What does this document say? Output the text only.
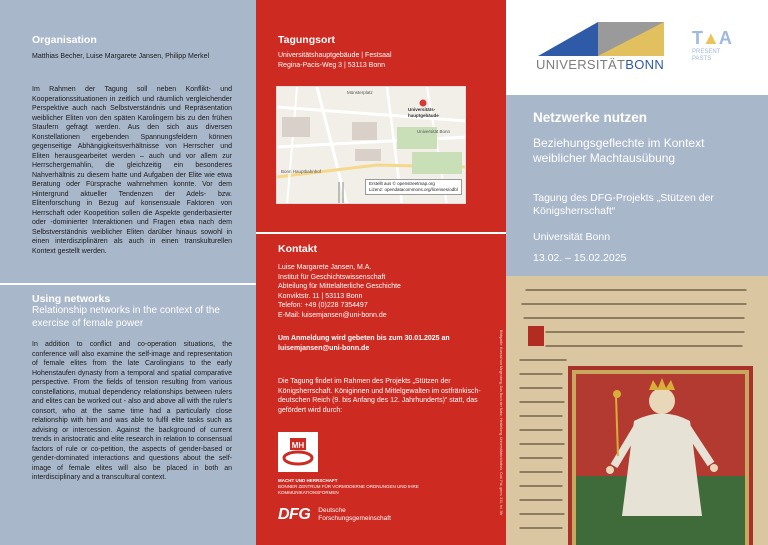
Organisation
Matthias Becher, Luise Margarete Jansen, Philipp Merkel
Im Rahmen der Tagung soll neben Konflikt- und Kooperationssituationen in zeitlich und räumlich vergleichender Perspektive auch nach Selbstverständnis und Repräsentation weiblicher Eliten von den späten Karolingern bis zu den frühen Staufern gefragt werden. Aus den sich aus diversen Konstellationen ergebenden Spannungsfeldern können gegenseitige Abhängigkeitsverhältnisse von Herrscher und Eliten herausgearbeitet werden – auch und vor allem zur Herrschergemahlin, die gleichzeitig ein besonderes Nahverhältnis zu diesem hatte und Aufgaben der Elite wie etwa Beratung oder Fürsprache wahrnehmen konnte. Vor dem Hintergrund aktueller Tendenzen der Adels- bzw. Elitenforschung in Bezug auf konsensuale Faktoren von Herrschaft oder Koopetition sollen die Aspekte genderbasierter oder -dominierter Interaktionen und Fragen etwa nach dem Selbstverständnis weiblicher Eliten darüber hinaus sowohl in einen interdisziplinären als auch in einen transkulturellen Kontext gestellt werden.
Using networks
Relationship networks in the context of the exercise of female power
In addition to conflict and co-operation situations, the conference will also examine the self-image and representation of female elites from the late Carolingians to the early Hohenstaufen dynasty from a temporal and spatial comparative perspective. From the fields of tension resulting from various constellations, mutual dependency relationships between rulers and elites can be worked out - also and above all with the ruler's consort, who at the same time had a particularly close relationship with him and was able to fulfil elite tasks such as advising or intercession. Against the background of current trends in aristocratic and elite research in relation to consensual factors of rule or co-petition, the aspects of gender-based or gender-dominated interactions and questions about the self-image of female elites will also be placed in both an interdisciplinary and a transcultural context.
Tagungsort
Universitätshauptgebäude | Festsaal
Regina-Pacis-Weg 3 | 53113 Bonn
Münsterplatz
Bonn Hauptbahnhof
Universität Bonn
Universitäts-hauptgebäude
Erstellt aus © openstreetmap.org
Lizenz: opendatacommons.org/licenses/odbl
Kontakt
Luise Margarete Jansen, M.A.
Institut für Geschichtswissenschaft
Abteilung für Mittelalterliche Geschichte
Konviktstr. 11 | 53113 Bonn
Telefon: +49 (0)228 7354497
E-Mail: luisemjansen@uni-bonn.de
Um Anmeldung wird gebeten bis zum 30.01.2025 an luisemjansen@uni-bonn.de
Die Tagung findet im Rahmen des Projekts „Stützen der Königsherrschaft. Königinnen und Mittelgewalten im ostfränkisch-deutschen Reich (9. bis Anfang des 12. Jahrhunderts)“ statt, das gefördert wird durch:
MH
MACHT UND HERRSCHAFT
BONNER ZENTRUM FÜR VORMODERNE ORDNUNGEN UND IHRE KOMMUNIKATIONSFORMEN
DFG Deutsche
Forschungsgemeinschaft
Bildquelle: Konrad von Megenberg, Das Buch der Natur, Heidelberg, Universitätsbibliothek, Cod. Pal. germ. 311, fol. 38r
UNIVERSITÄTBONN
T▲A
PRESENT
PASTS
Netzwerke nutzen
Beziehungsgeflechte im Kontext weiblicher Machtausübung
Tagung des DFG-Projekts „Stützen der Königsherrschaft“
Universität Bonn
13.02. – 15.02.2025
